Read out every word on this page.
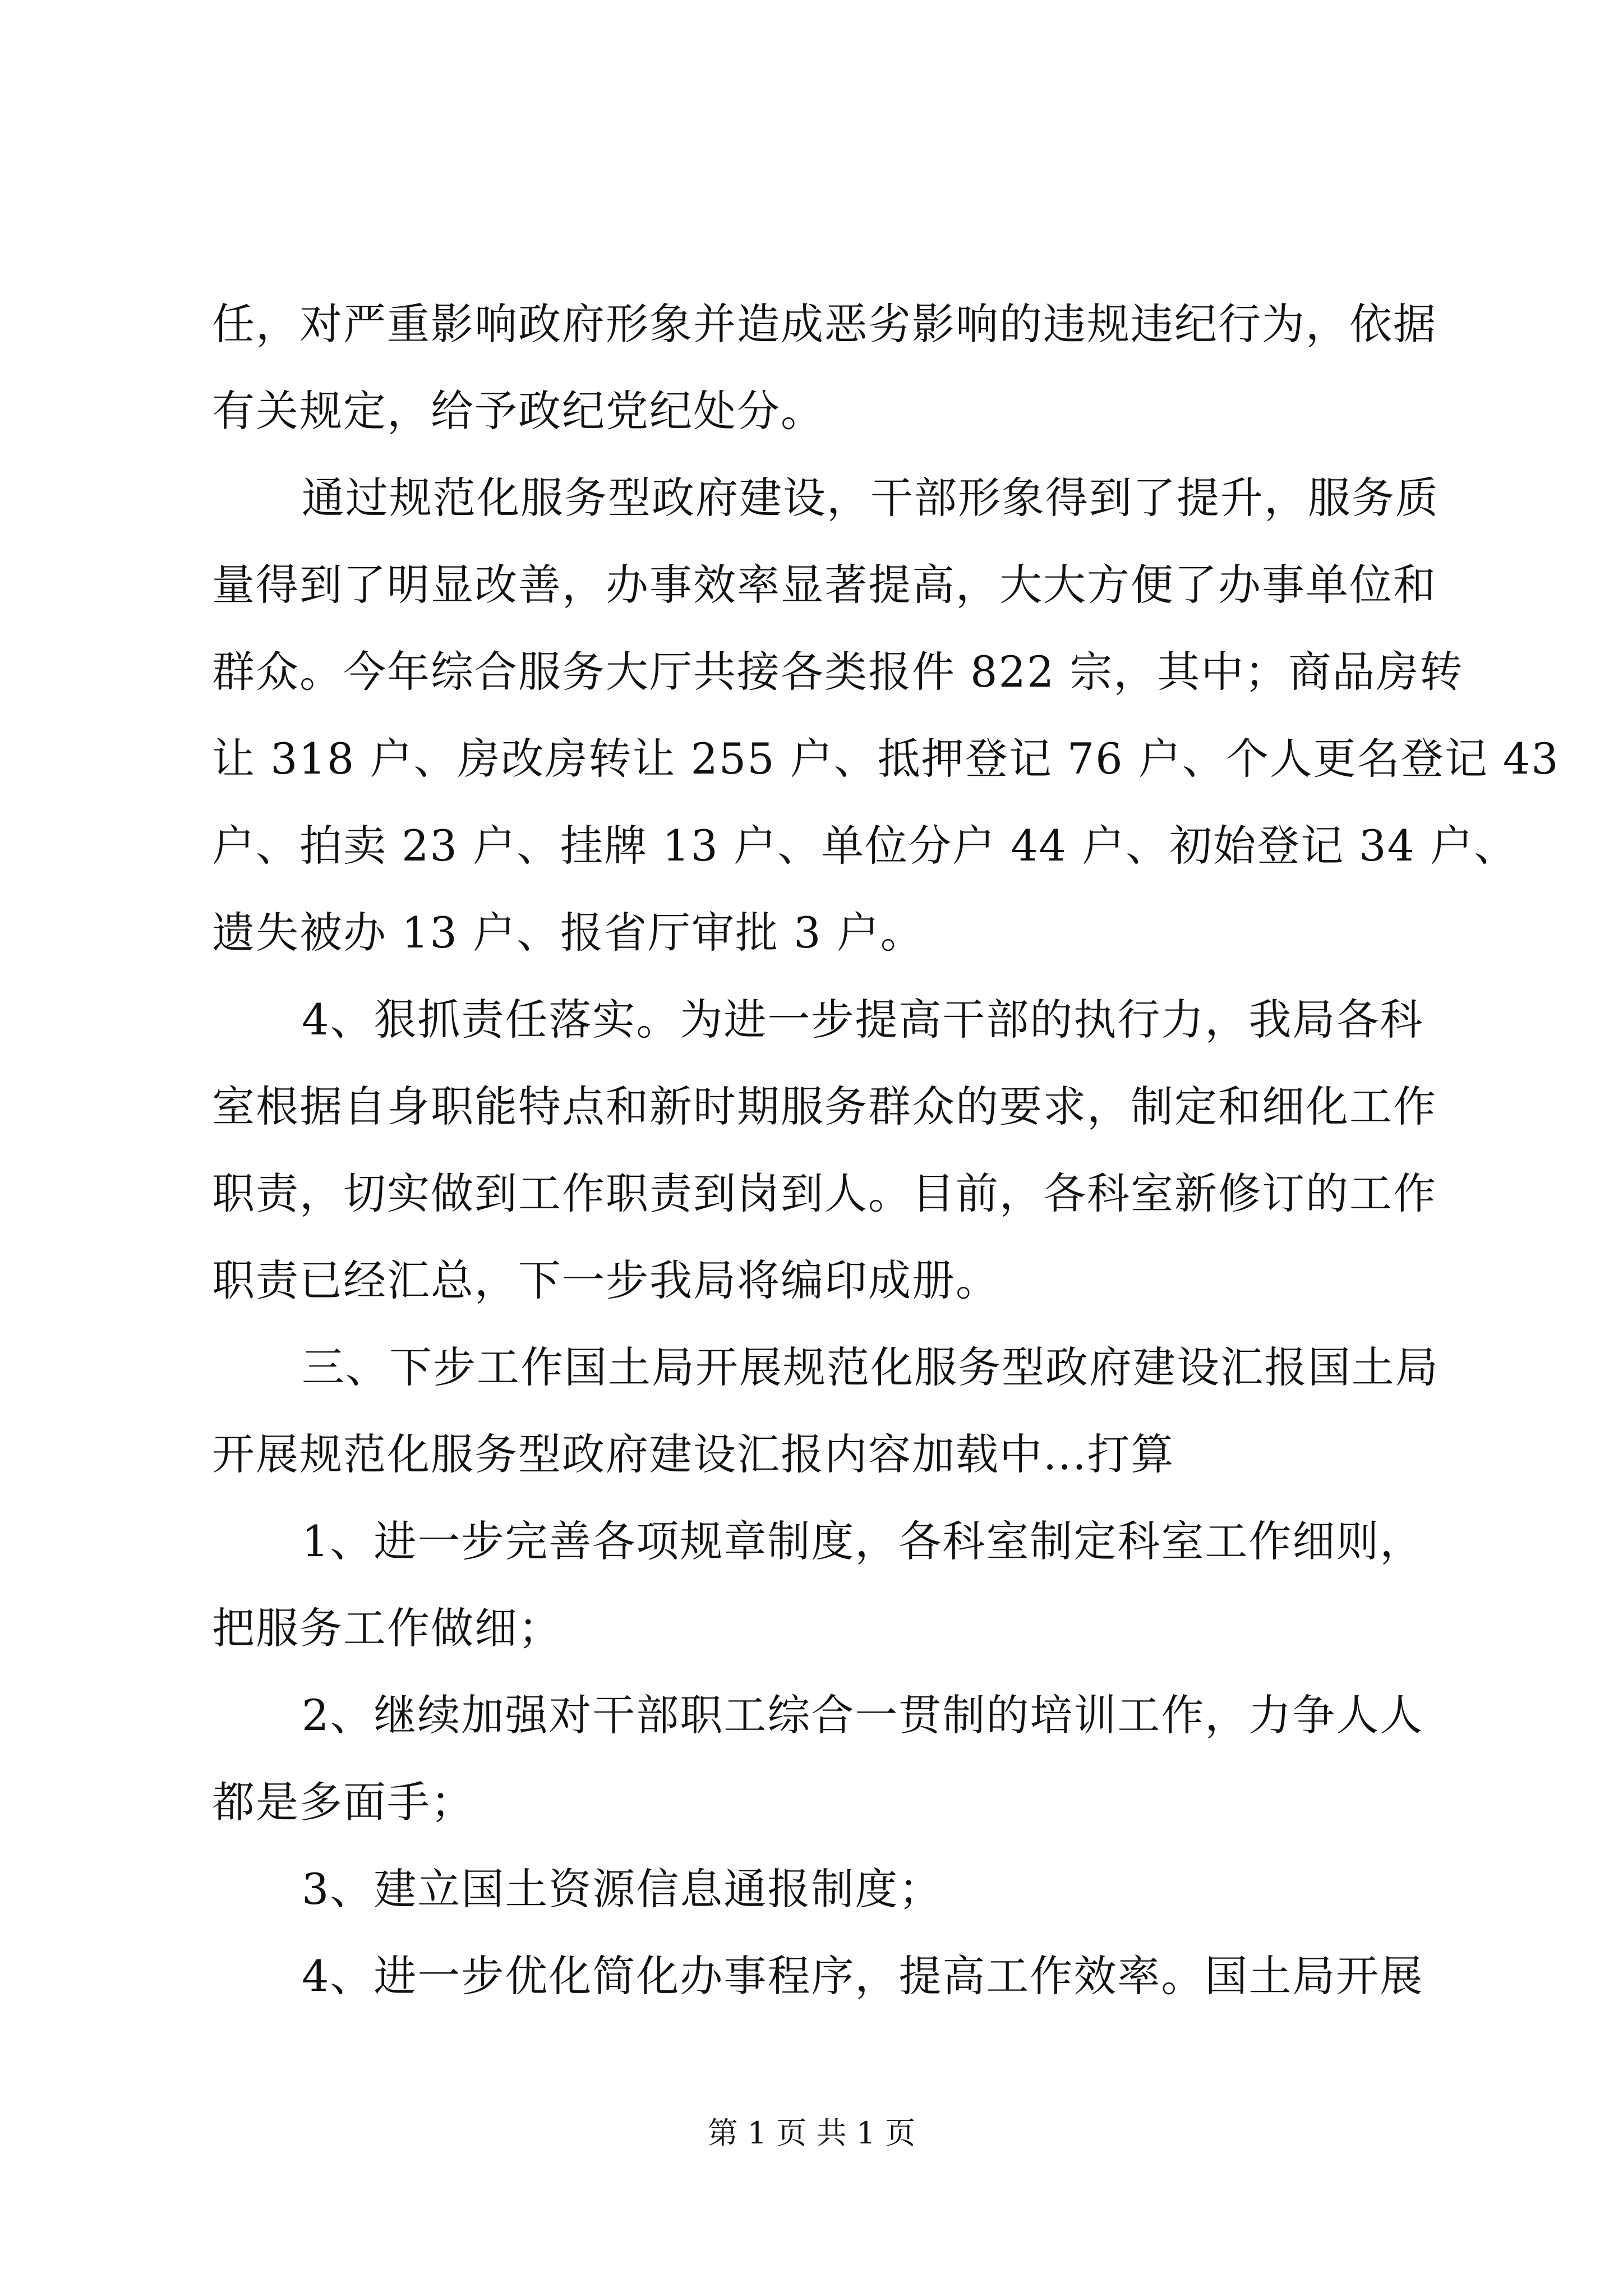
任，对严重影响政府形象并造成恶劣影响的违规违纪行为，依据
有关规定，给予政纪党纪处分。
通过规范化服务型政府建设，干部形象得到了提升，服务质
量得到了明显改善，办事效率显著提高，大大方便了办事单位和
群众。今年综合服务大厅共接各类报件 822 宗，其中；商品房转
让 318 户、房改房转让 255 户、抵押登记 76 户、个人更名登记 43
户、拍卖 23 户、挂牌 13 户、单位分户 44 户、初始登记 34 户、
遗失被办 13 户、报省厅审批 3 户。
4、狠抓责任落实。为进一步提高干部的执行力，我局各科
室根据自身职能特点和新时期服务群众的要求，制定和细化工作
职责，切实做到工作职责到岗到人。目前，各科室新修订的工作
职责已经汇总，下一步我局将编印成册。
三、下步工作国土局开展规范化服务型政府建设汇报国土局
开展规范化服务型政府建设汇报内容加载中...打算
1、进一步完善各项规章制度，各科室制定科室工作细则，
把服务工作做细；
2、继续加强对干部职工综合一贯制的培训工作，力争人人
都是多面手；
3、建立国土资源信息通报制度；
4、进一步优化简化办事程序，提高工作效率。国土局开展
第 1 页 共 1 页
